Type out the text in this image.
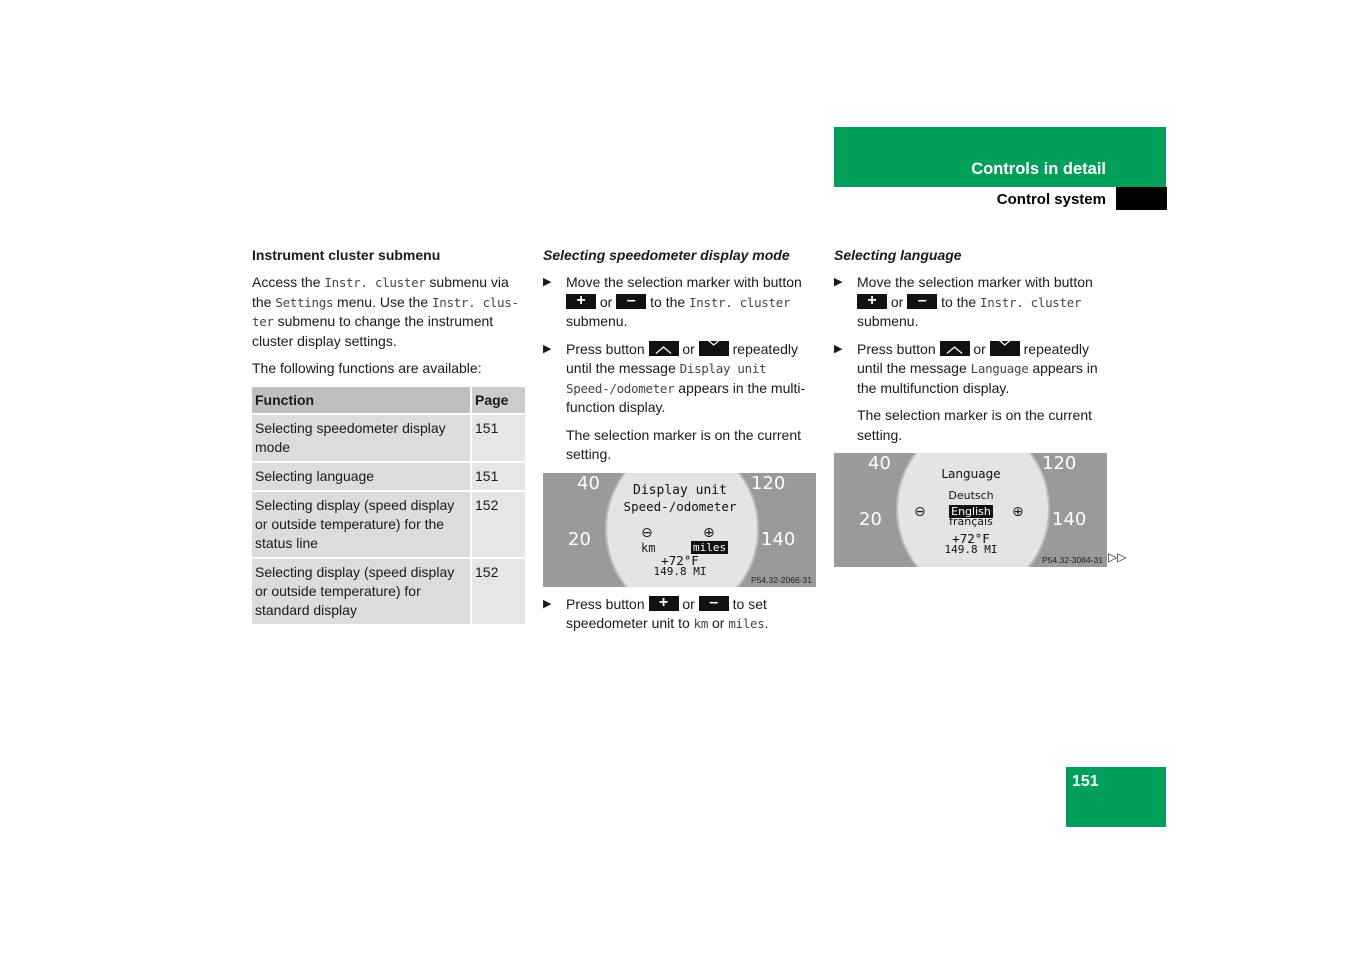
Controls in detail
Control system
Instrument cluster submenu

Access the Instr. cluster submenu via the Settings menu. Use the Instr. clus-ter submenu to change the instrument cluster display settings.

The following functions are available:

Function	Page
Selecting speedometer display mode	151
Selecting language	151
Selecting display (speed display or outside temperature) for the status line	152
Selecting display (speed display or outside temperature) for standard display	152
Selecting speedometer display mode
▶ Move the selection marker with button
+	or –	to the Instr. cluster submenu.
▶ Press button ︿ or ﹀ repeatedly until the message Display unit Speed-/odometer appears in the multi-function display.
The selection marker is on the current setting.
40	120
20	140
Display unit
Speed-/odometer
⊖	⊕
km	miles
+72°F
149.8 MI
P54.32-2066-31
▶ Press button +	or –	to set speedometer unit to km or miles.
Selecting language
▶ Move the selection marker with button
+	or –	to the Instr. cluster submenu.
▶ Press button ︿ or ﹀ repeatedly until the message Language appears in the multifunction display.
The selection marker is on the current setting.
40	120
20	140
Language
⊖	⊕
Deutsch
English
français
+72°F
149.8 MI
P54.32-3084-31 ▷▷
151
